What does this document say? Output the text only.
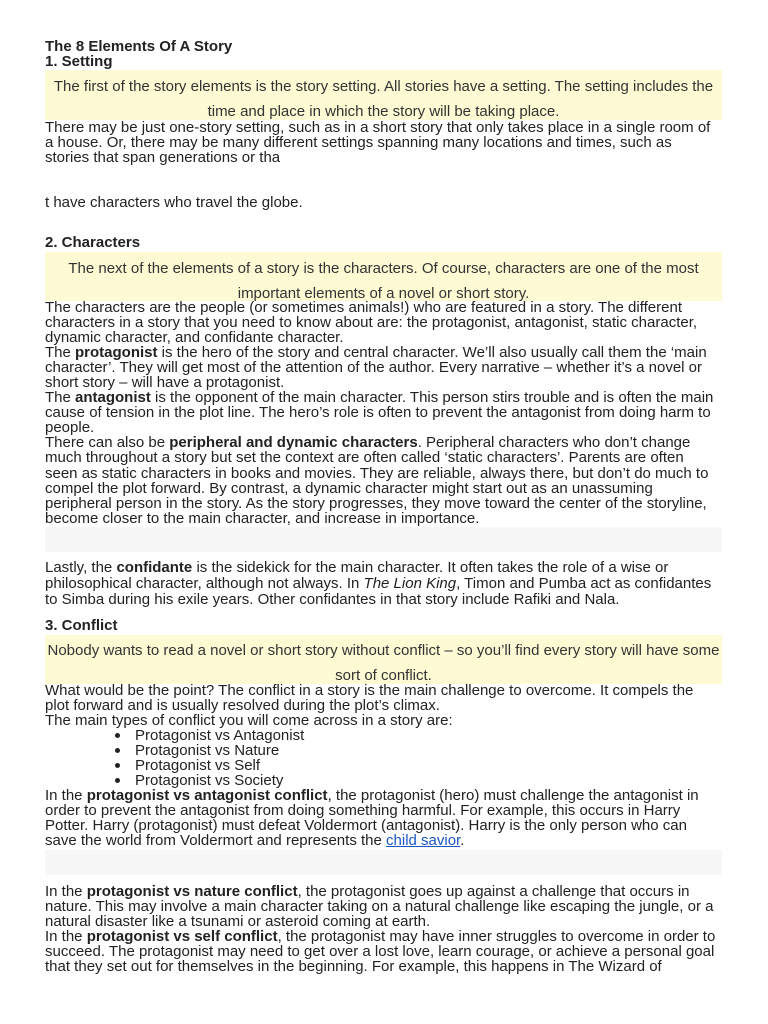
The 8 Elements Of A Story
1. Setting
The first of the story elements is the story setting. All stories have a setting. The setting includes the
time and place in which the story will be taking place.
There may be just one-story setting, such as in a short story that only takes place in a single room of
a house. Or, there may be many different settings spanning many locations and times, such as
stories that span generations or tha
t have characters who travel the globe.
2. Characters
The next of the elements of a story is the characters. Of course, characters are one of the most
important elements of a novel or short story.
The characters are the people (or sometimes animals!) who are featured in a story. The different
characters in a story that you need to know about are: the protagonist, antagonist, static character,
dynamic character, and confidante character.
The protagonist is the hero of the story and central character. We’ll also usually call them the ‘main
character’. They will get most of the attention of the author. Every narrative – whether it’s a novel or
short story – will have a protagonist.
The antagonist is the opponent of the main character. This person stirs trouble and is often the main
cause of tension in the plot line. The hero’s role is often to prevent the antagonist from doing harm to
people.
There can also be peripheral and dynamic characters. Peripheral characters who don’t change
much throughout a story but set the context are often called ‘static characters’. Parents are often
seen as static characters in books and movies. They are reliable, always there, but don’t do much to
compel the plot forward. By contrast, a dynamic character might start out as an unassuming
peripheral person in the story. As the story progresses, they move toward the center of the storyline,
become closer to the main character, and increase in importance.
Lastly, the confidante is the sidekick for the main character. It often takes the role of a wise or
philosophical character, although not always. In The Lion King, Timon and Pumba act as confidantes
to Simba during his exile years. Other confidantes in that story include Rafiki and Nala.
3. Conflict
Nobody wants to read a novel or short story without conflict – so you’ll find every story will have some
sort of conflict.
What would be the point? The conflict in a story is the main challenge to overcome. It compels the
plot forward and is usually resolved during the plot’s climax.
The main types of conflict you will come across in a story are:
Protagonist vs Antagonist
Protagonist vs Nature
Protagonist vs Self
Protagonist vs Society
In the protagonist vs antagonist conflict, the protagonist (hero) must challenge the antagonist in
order to prevent the antagonist from doing something harmful. For example, this occurs in Harry
Potter. Harry (protagonist) must defeat Voldermort (antagonist). Harry is the only person who can
save the world from Voldermort and represents the child savior.
In the protagonist vs nature conflict, the protagonist goes up against a challenge that occurs in
nature. This may involve a main character taking on a natural challenge like escaping the jungle, or a
natural disaster like a tsunami or asteroid coming at earth.
In the protagonist vs self conflict, the protagonist may have inner struggles to overcome in order to
succeed. The protagonist may need to get over a lost love, learn courage, or achieve a personal goal
that they set out for themselves in the beginning. For example, this happens in The Wizard of
